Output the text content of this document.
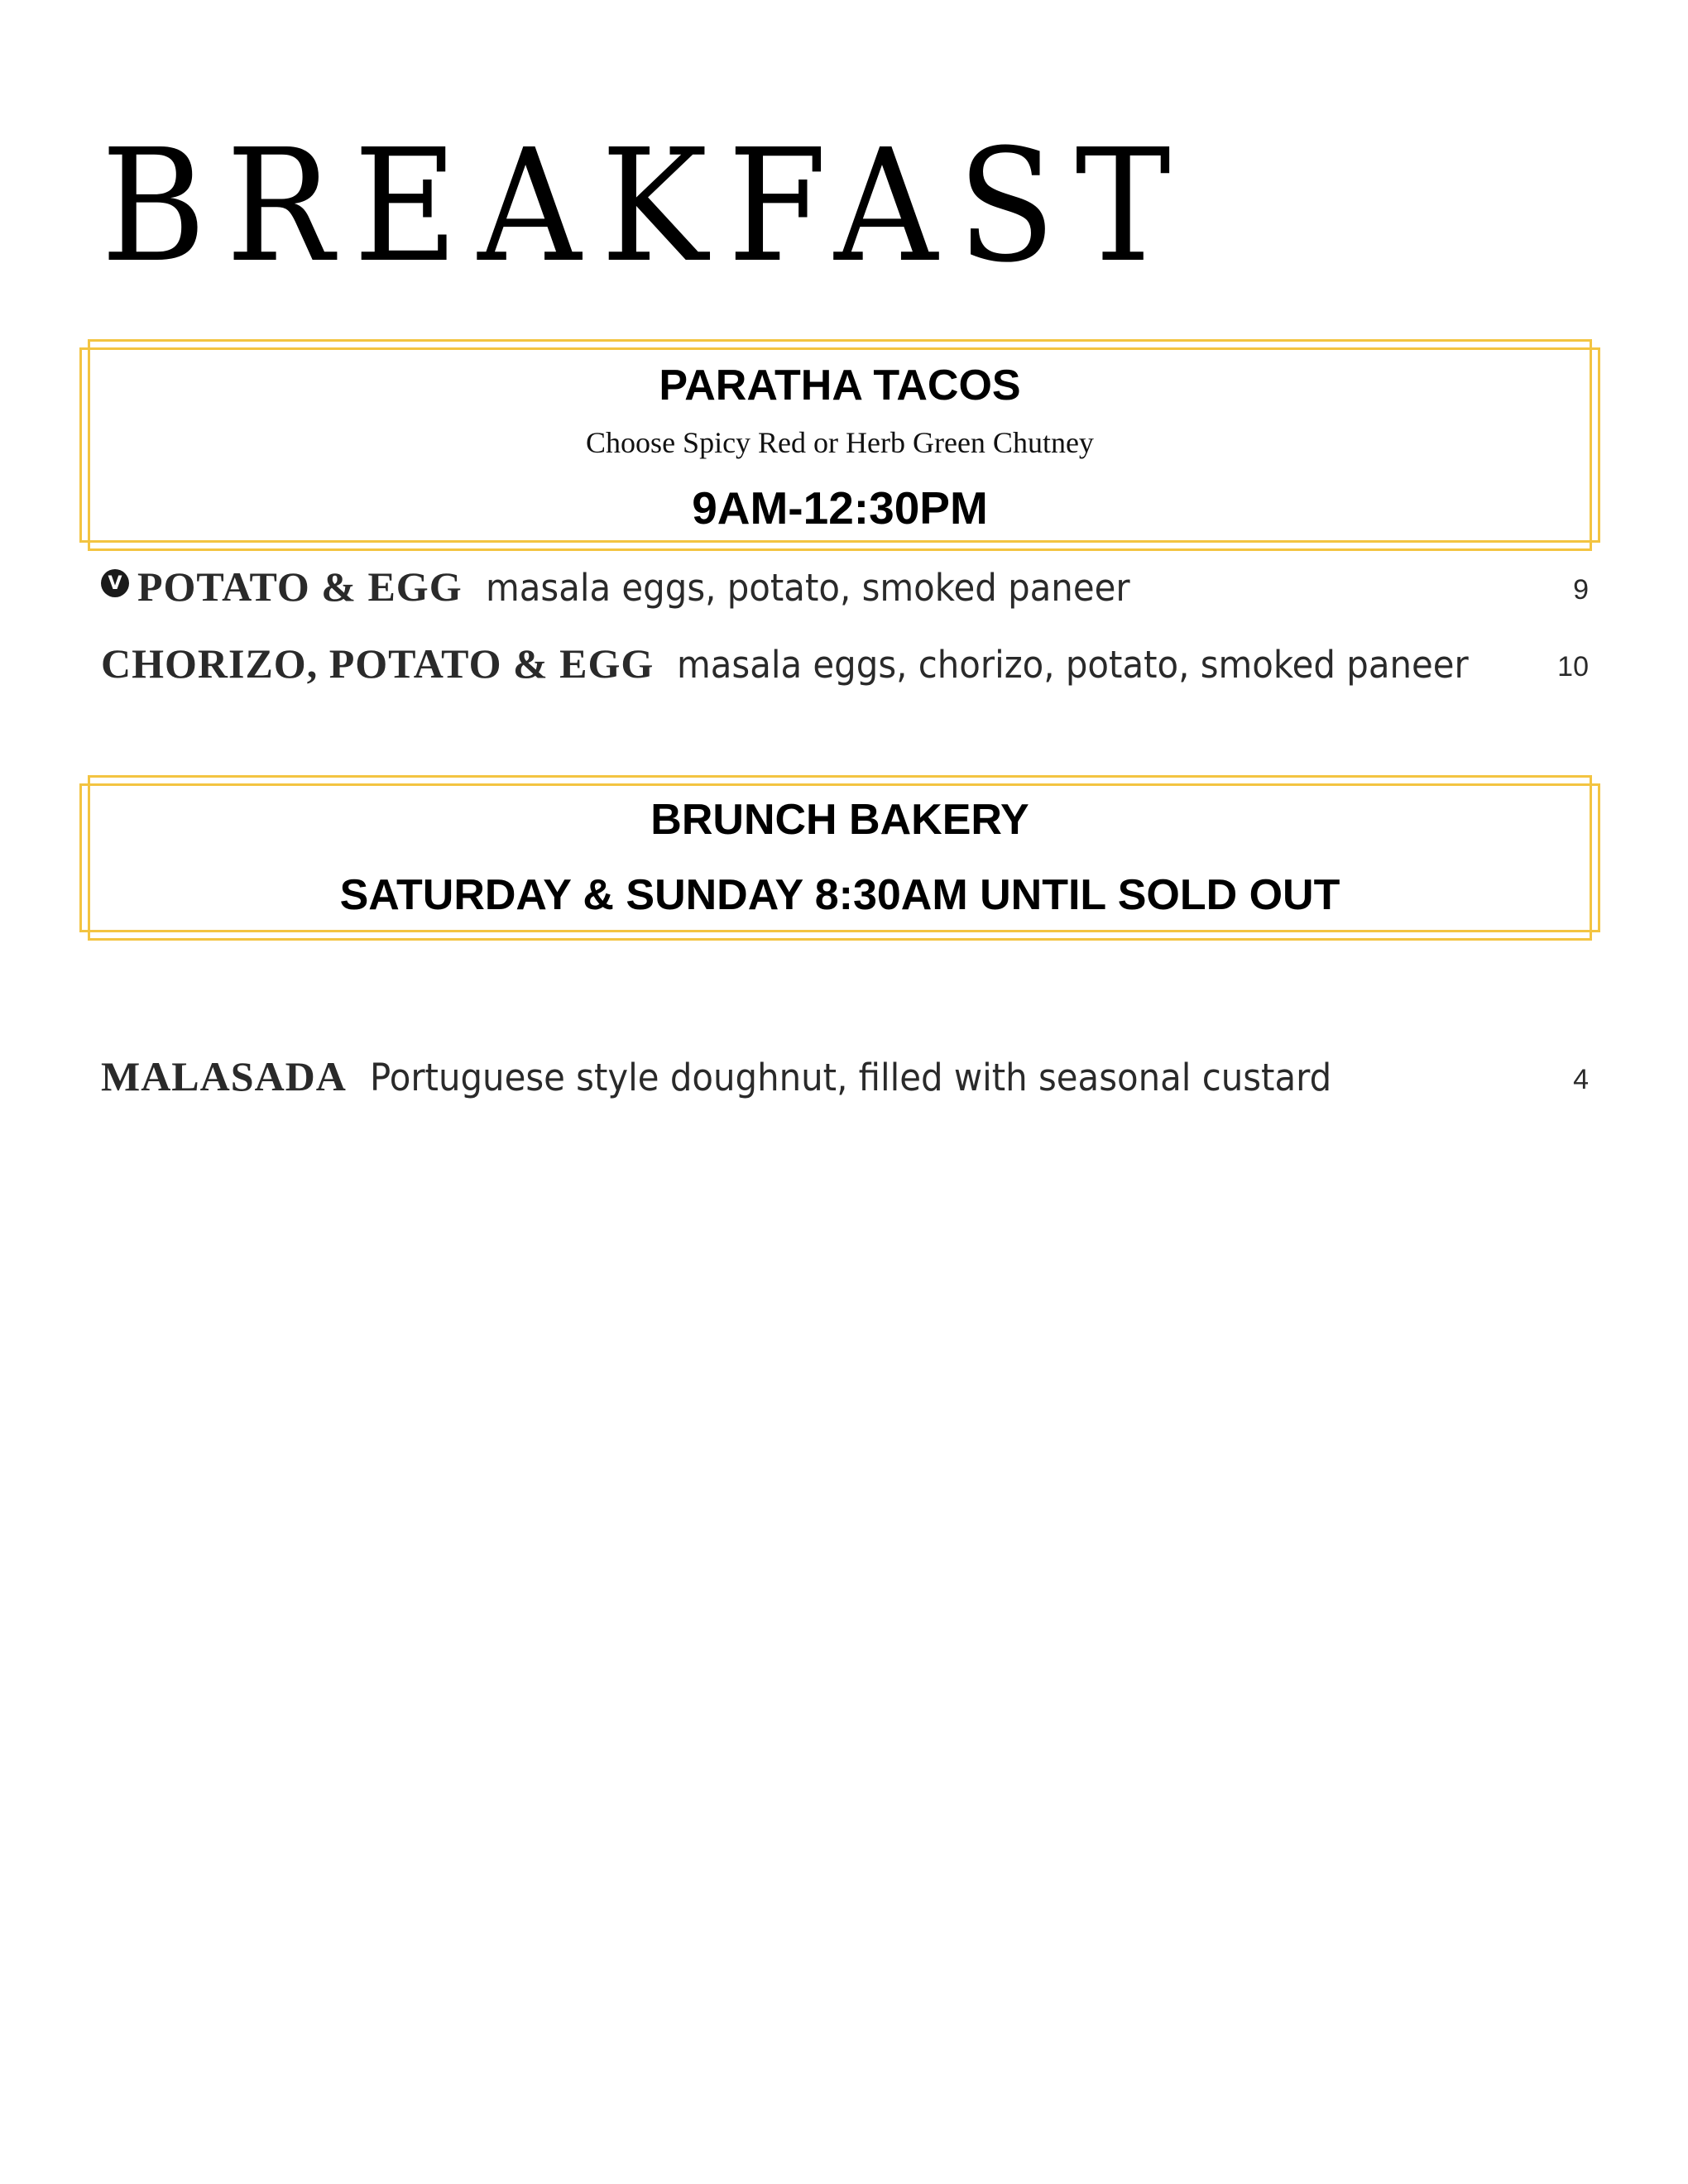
BREAKFAST
PARATHA TACOS
Choose Spicy Red or Herb Green Chutney
9AM-12:30PM
V POTATO & EGG masala eggs, potato, smoked paneer	9
CHORIZO, POTATO & EGG masala eggs, chorizo, potato, smoked paneer	10
BRUNCH BAKERY
SATURDAY & SUNDAY 8:30AM UNTIL SOLD OUT
MALASADA Portuguese style doughnut, filled with seasonal custard	4
